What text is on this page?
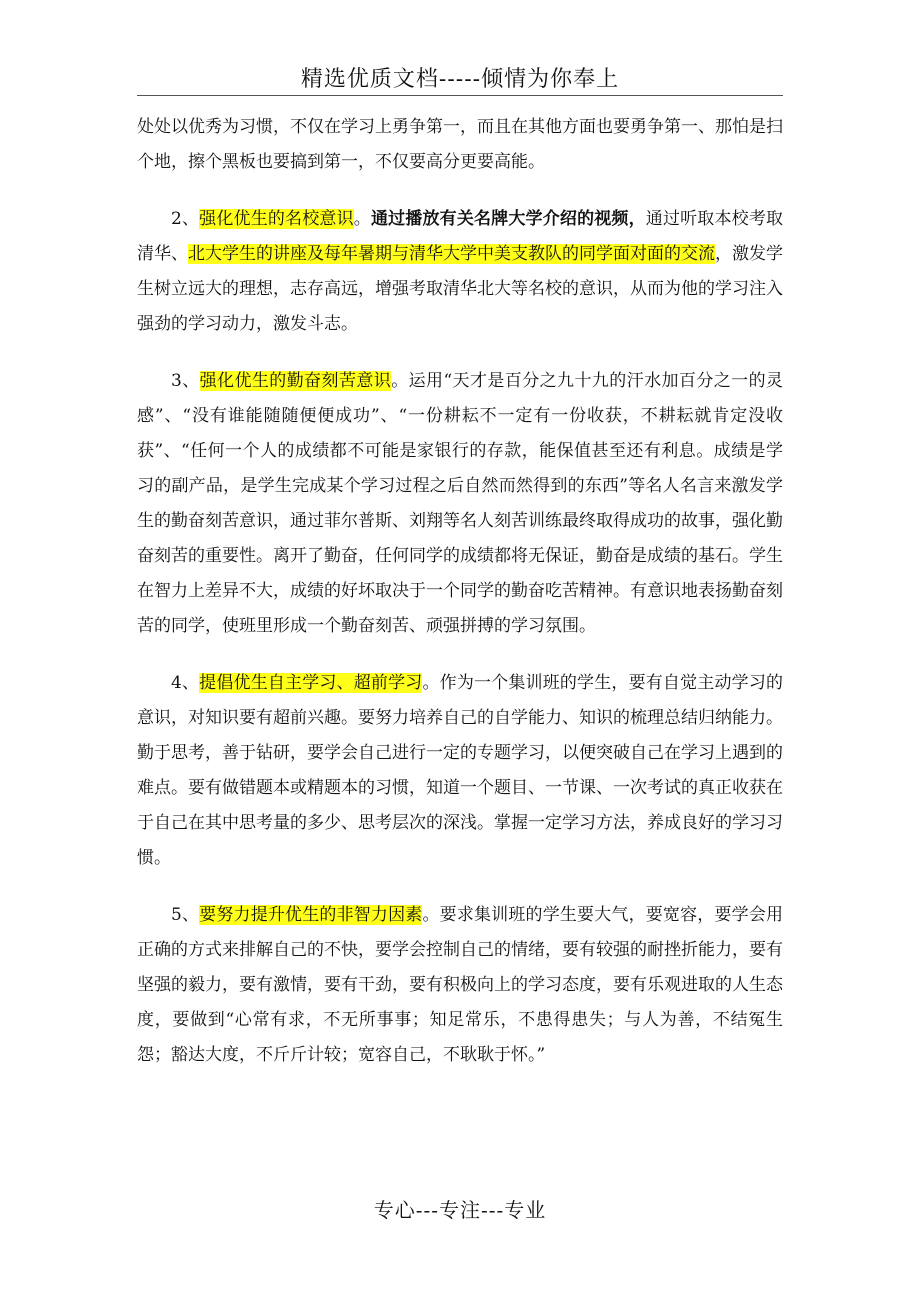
精选优质文档-----倾情为你奉上

处处以优秀为习惯，不仅在学习上勇争第一，而且在其他方面也要勇争第一、那怕是扫个地，擦个黑板也要搞到第一，不仅要高分更要高能。

2、强化优生的名校意识。通过播放有关名牌大学介绍的视频，通过听取本校考取清华、北大学生的讲座及每年暑期与清华大学中美支教队的同学面对面的交流，激发学生树立远大的理想，志存高远，增强考取清华北大等名校的意识，从而为他的学习注入强劲的学习动力，激发斗志。

3、强化优生的勤奋刻苦意识。运用“天才是百分之九十九的汗水加百分之一的灵感”、“没有谁能随随便便成功”、“一份耕耘不一定有一份收获，不耕耘就肯定没收获”、“任何一个人的成绩都不可能是家银行的存款，能保值甚至还有利息。成绩是学习的副产品，是学生完成某个学习过程之后自然而然得到的东西”等名人名言来激发学生的勤奋刻苦意识，通过菲尔普斯、刘翔等名人刻苦训练最终取得成功的故事，强化勤奋刻苦的重要性。离开了勤奋，任何同学的成绩都将无保证，勤奋是成绩的基石。学生在智力上差异不大，成绩的好坏取决于一个同学的勤奋吃苦精神。有意识地表扬勤奋刻苦的同学，使班里形成一个勤奋刻苦、顽强拼搏的学习氛围。

4、提倡优生自主学习、超前学习。作为一个集训班的学生，要有自觉主动学习的意识，对知识要有超前兴趣。要努力培养自己的自学能力、知识的梳理总结归纳能力。勤于思考，善于钻研，要学会自己进行一定的专题学习，以便突破自己在学习上遇到的难点。要有做错题本或精题本的习惯，知道一个题目、一节课、一次考试的真正收获在于自己在其中思考量的多少、思考层次的深浅。掌握一定学习方法，养成良好的学习习惯。

5、要努力提升优生的非智力因素。要求集训班的学生要大气，要宽容，要学会用正确的方式来排解自己的不快，要学会控制自己的情绪，要有较强的耐挫折能力，要有坚强的毅力，要有激情，要有干劲，要有积极向上的学习态度，要有乐观进取的人生态度，要做到“心常有求，不无所事事；知足常乐，不患得患失；与人为善，不结冤生怨；豁达大度，不斤斤计较；宽容自己，不耿耿于怀。”

专心---专注---专业
